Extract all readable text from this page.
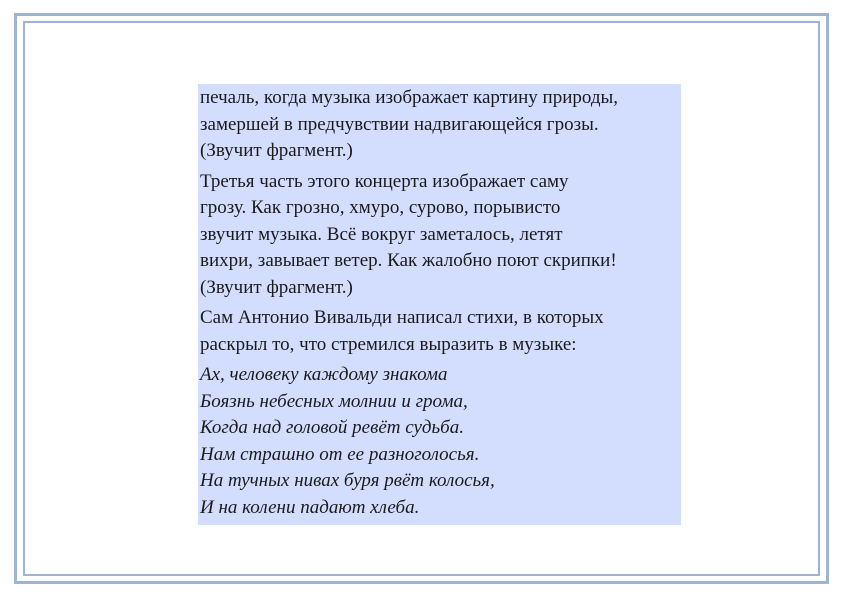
печаль, когда музыка изображает картину природы,
замершей в предчувствии надвигающейся грозы.
(Звучит фрагмент.)
Третья часть этого концерта изображает саму
грозу. Как грозно, хмуро, сурово, порывисто
звучит музыка. Всё вокруг заметалось, летят
вихри, завывает ветер. Как жалобно поют скрипки!
(Звучит фрагмент.)
Сам Антонио Вивальди написал стихи, в которых
раскрыл то, что стремился выразить в музыке:
Ах, человеку каждому знакома
Боязнь небесных молнии и грома,
Когда над головой ревёт судьба.
Нам страшно от ее разноголосья.
На тучных нивах буря рвёт колосья,
И на колени падают хлеба.
